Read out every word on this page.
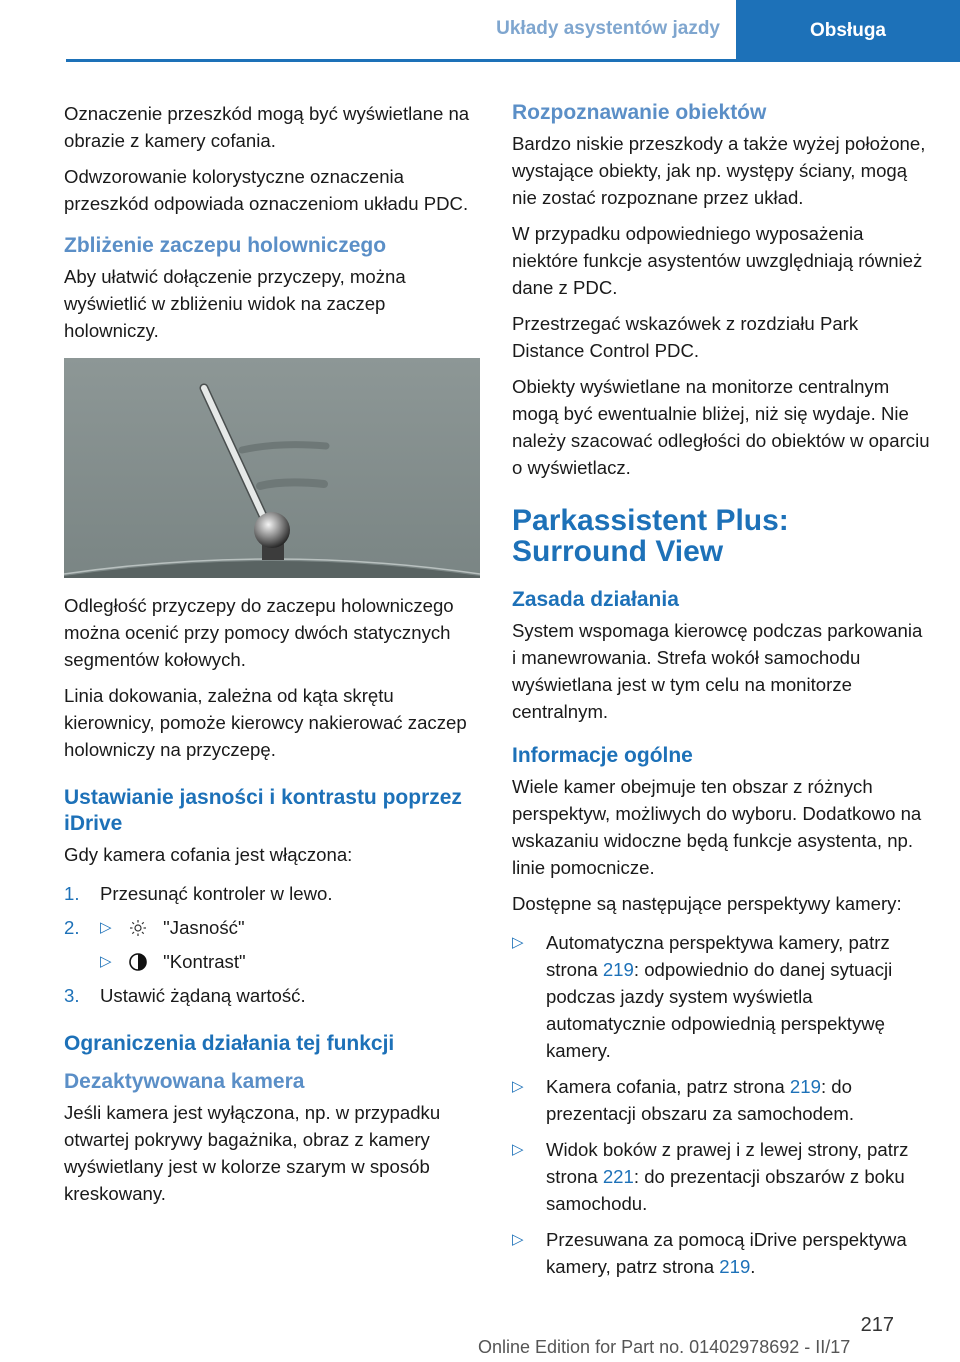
Układy asystentów jazdy	Obsługa

Oznaczenie przeszkód mogą być wyświetlane na obrazie z kamery cofania.

Odwzorowanie kolorystyczne oznaczenia przeszkód odpowiada oznaczeniom układu PDC.

Zbliżenie zaczepu holowniczego

Aby ułatwić dołączenie przyczepy, można wyświetlić w zbliżeniu widok na zaczep holowniczy.

Odległość przyczepy do zaczepu holowniczego można ocenić przy pomocy dwóch statycznych segmentów kołowych.

Linia dokowania, zależna od kąta skrętu kierownicy, pomoże kierowcy nakierować zaczep holowniczy na przyczepę.

Ustawianie jasności i kontrastu poprzez iDrive

Gdy kamera cofania jest włączona:

1. Przesunąć kontroler w lewo.
2. ▷	"Jasność"
▷	"Kontrast"
3. Ustawić żądaną wartość.
Ograniczenia działania tej funkcji
Dezaktywowana kamera

Jeśli kamera jest wyłączona, np. w przypadku otwartej pokrywy bagażnika, obraz z kamery wyświetlany jest w kolorze szarym w sposób kreskowany.

Rozpoznawanie obiektów

Bardzo niskie przeszkody a także wyżej położone, wystające obiekty, jak np. występy ściany, mogą nie zostać rozpoznane przez układ.

W przypadku odpowiedniego wyposażenia niektóre funkcje asystentów uwzględniają również dane z PDC.

Przestrzegać wskazówek z rozdziału Park Distance Control PDC.

Obiekty wyświetlane na monitorze centralnym mogą być ewentualnie bliżej, niż się wydaje. Nie należy szacować odległości do obiektów w oparciu o wyświetlacz.

Parkassistent Plus: Surround View
Zasada działania

System wspomaga kierowcę podczas parkowania i manewrowania. Strefa wokół samochodu wyświetlana jest w tym celu na monitorze centralnym.

Informacje ogólne

Wiele kamer obejmuje ten obszar z różnych perspektyw, możliwych do wyboru. Dodatkowo na wskazaniu widoczne będą funkcje asystenta, np. linie pomocnicze.

Dostępne są następujące perspektywy kamery:

▷ Automatyczna perspektywa kamery, patrz strona 219: odpowiednio do danej sytuacji podczas jazdy system wyświetla automatycznie odpowiednią perspektywę kamery.
▷ Kamera cofania, patrz strona 219: do prezentacji obszaru za samochodem.
▷ Widok boków z prawej i z lewej strony, patrz strona 221: do prezentacji obszarów z boku samochodu.
▷ Przesuwana za pomocą iDrive perspektywa kamery, patrz strona 219.
217
Online Edition for Part no. 01402978692 - II/17
